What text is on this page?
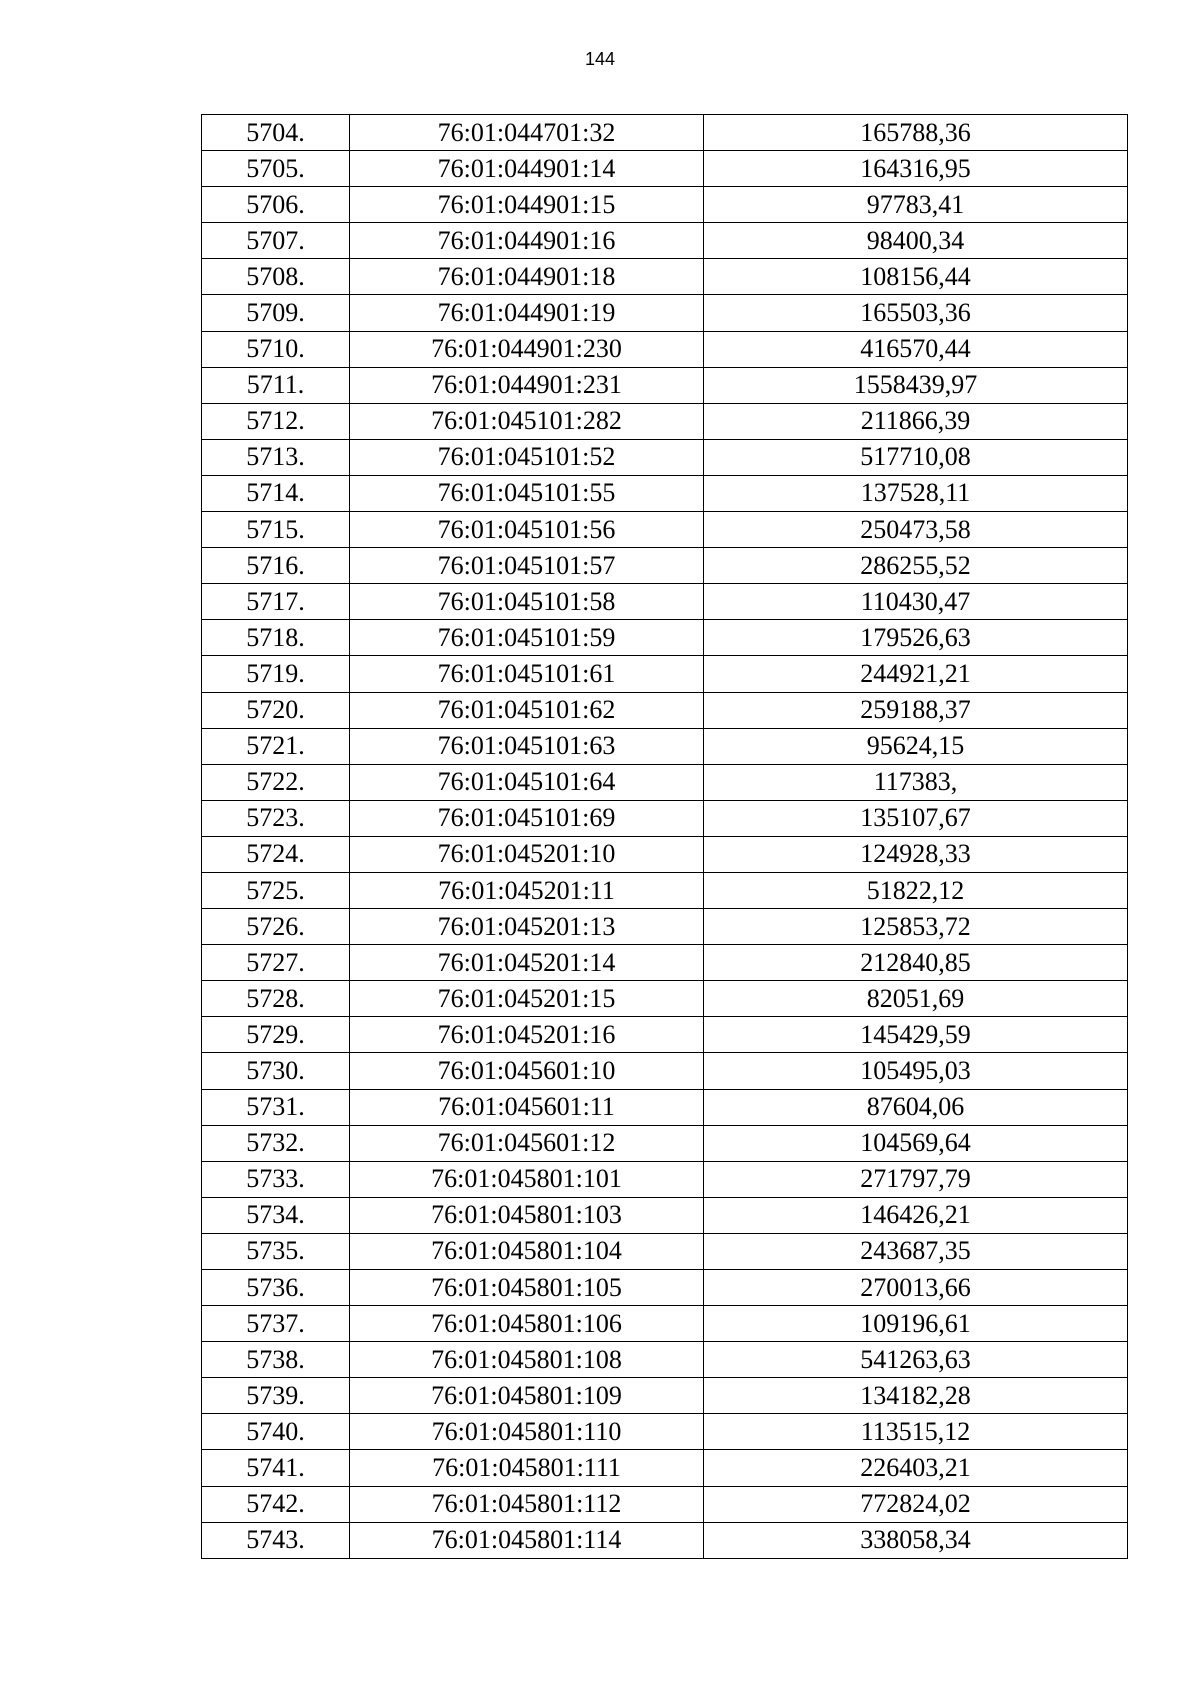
144
5704.	76:01:044701:32	165788,36
5705.	76:01:044901:14	164316,95
5706.	76:01:044901:15	97783,41
5707.	76:01:044901:16	98400,34
5708.	76:01:044901:18	108156,44
5709.	76:01:044901:19	165503,36
5710.	76:01:044901:230	416570,44
5711.	76:01:044901:231	1558439,97
5712.	76:01:045101:282	211866,39
5713.	76:01:045101:52	517710,08
5714.	76:01:045101:55	137528,11
5715.	76:01:045101:56	250473,58
5716.	76:01:045101:57	286255,52
5717.	76:01:045101:58	110430,47
5718.	76:01:045101:59	179526,63
5719.	76:01:045101:61	244921,21
5720.	76:01:045101:62	259188,37
5721.	76:01:045101:63	95624,15
5722.	76:01:045101:64	117383,
5723.	76:01:045101:69	135107,67
5724.	76:01:045201:10	124928,33
5725.	76:01:045201:11	51822,12
5726.	76:01:045201:13	125853,72
5727.	76:01:045201:14	212840,85
5728.	76:01:045201:15	82051,69
5729.	76:01:045201:16	145429,59
5730.	76:01:045601:10	105495,03
5731.	76:01:045601:11	87604,06
5732.	76:01:045601:12	104569,64
5733.	76:01:045801:101	271797,79
5734.	76:01:045801:103	146426,21
5735.	76:01:045801:104	243687,35
5736.	76:01:045801:105	270013,66
5737.	76:01:045801:106	109196,61
5738.	76:01:045801:108	541263,63
5739.	76:01:045801:109	134182,28
5740.	76:01:045801:110	113515,12
5741.	76:01:045801:111	226403,21
5742.	76:01:045801:112	772824,02
5743.	76:01:045801:114	338058,34
